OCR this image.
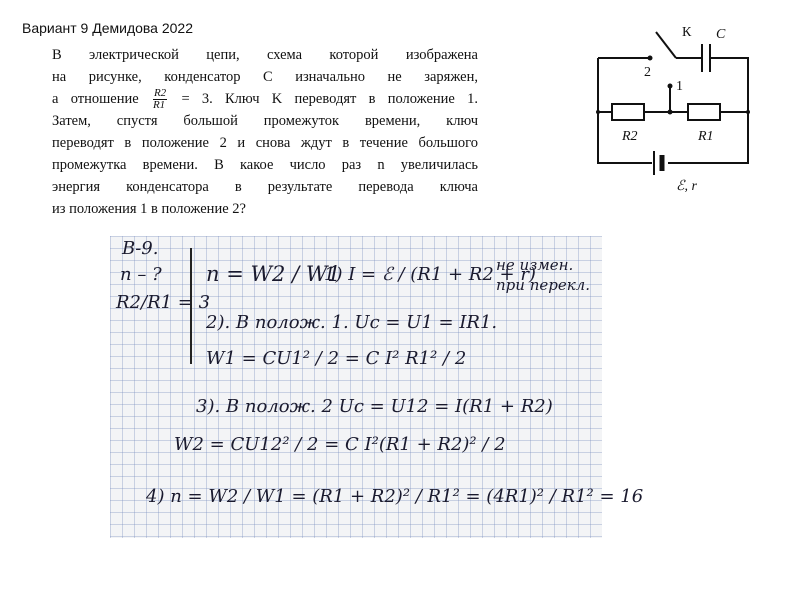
Вариант 9 Демидова 2022
В электрической цепи, схема которой изображена
на рисунке, конденсатор C изначально не заряжен,
а отношение $\frac{R2}{R1} = 3$. Ключ K переводят в положение 1.
Затем, спустя большой промежуток времени, ключ
переводят в положение 2 и снова ждут в течение большого
промежутка времени. В какое число раз n увеличилась
энергия конденсатора в результате перевода ключа
из положения 1 в положение 2?
К C
2
1
R2	R1
ℰ, r
В-9.
n – ?
R2/R1 = 3
n = W2 / W1
1) I = ℰ / (R1 + R2 + r)
не измен.
при перекл.
2). В полож. 1. Uc = U1 = IR1.
W1 = CU1² / 2 = C I² R1² / 2
3). В полож. 2 Uc = U12 = I(R1 + R2)
W2 = CU12² / 2 = C I²(R1 + R2)² / 2
4) n = W2 / W1 = (R1 + R2)² / R1² = (4R1)² / R1² = 16
